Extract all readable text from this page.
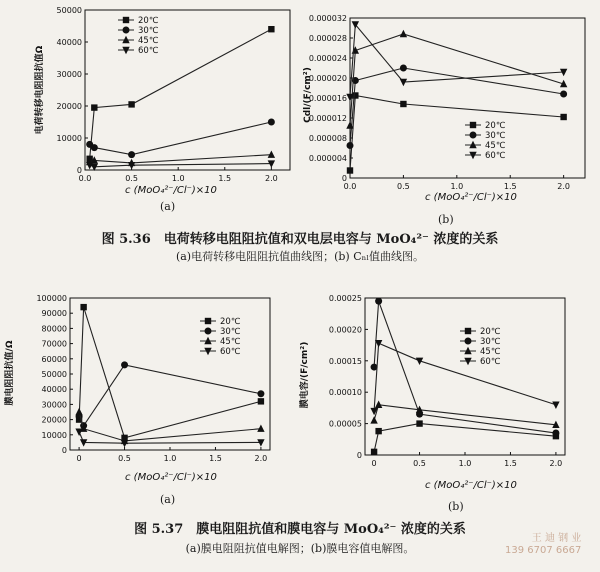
0
10000
20000
30000
40000
50000
0.0	0.5	1.0	1.5	2.0
c (MoO₄²⁻/Cl⁻)×10
电荷转移电阻阻抗值Ω
20℃
30℃
45℃
60℃
0
0.000004
0.000008
0.000012
0.000016
0.000020
0.000024
0.000028
0.000032
0.0	0.5	1.0	1.5	2.0
c (MoO₄²⁻/Cl⁻)×10
Cdl/(F/cm²)
20℃
30℃
45℃
60℃
(a)
(b)
图 5.36　电荷转移电阻阻抗值和双电层电容与 MoO₄²⁻ 浓度的关系
(a)电荷转移电阻阻抗值曲线图；(b) Cₙₗ值曲线图。
0
10000
20000
30000
40000
50000
60000
70000
80000
90000
100000
0	0.5	1.0	1.5	2.0
c (MoO₄²⁻/Cl⁻)×10
膜电阻阻抗值/Ω
20℃
30℃
45℃
60℃
0
0.00005
0.00010
0.00015
0.00020
0.00025
0	0.5	1.0	1.5	2.0
c (MoO₄²⁻/Cl⁻)×10
膜电容/(F/cm²)
20℃
30℃
45℃
60℃
(a)
(b)
图 5.37　膜电阻阻抗值和膜电容与 MoO₄²⁻ 浓度的关系
(a)膜电阻阻抗值电解图；(b)膜电容值电解图。
王 迪 钢 业
139 6707 6667
